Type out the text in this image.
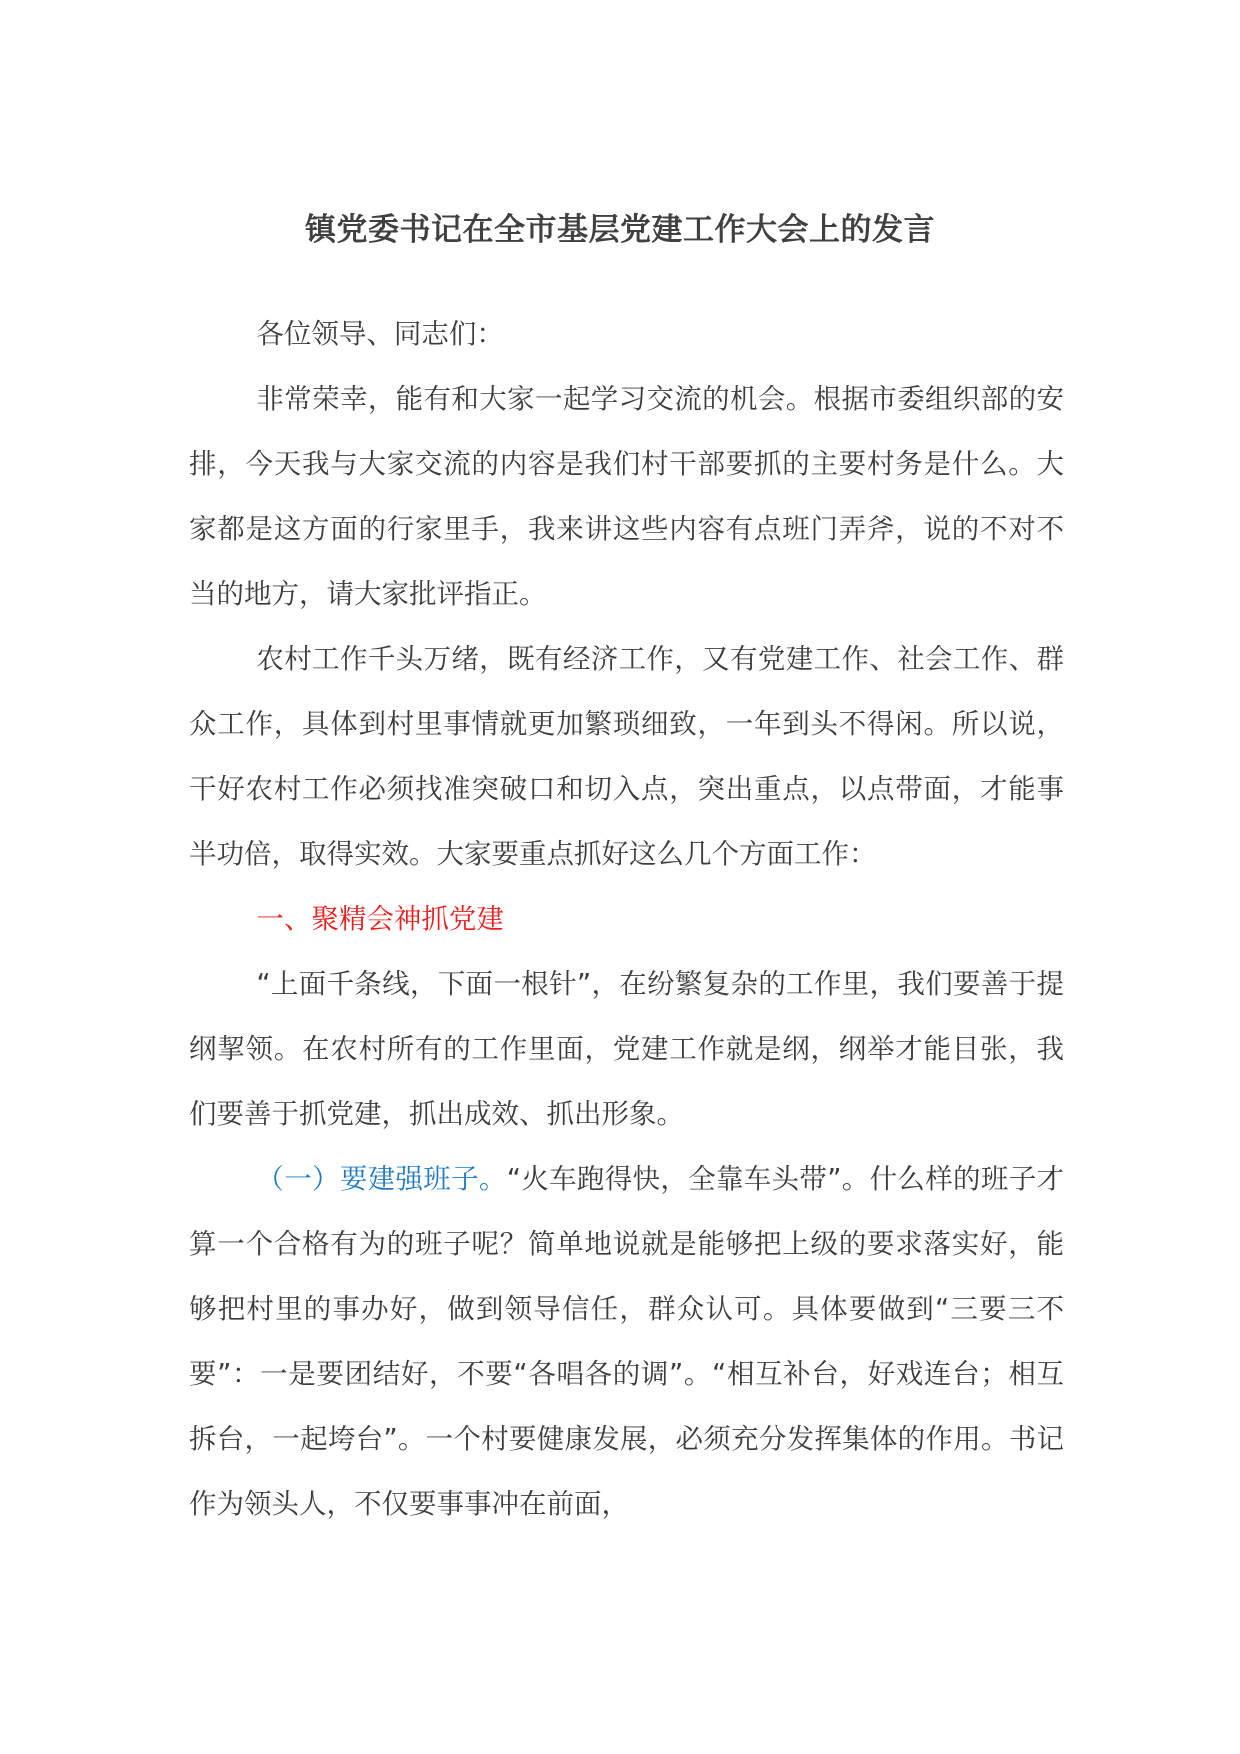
镇党委书记在全市基层党建工作大会上的发言

各位领导、同志们：

非常荣幸，能有和大家一起学习交流的机会。根据市委组织部的安排，今天我与大家交流的内容是我们村干部要抓的主要村务是什么。大家都是这方面的行家里手，我来讲这些内容有点班门弄斧，说的不对不当的地方，请大家批评指正。

农村工作千头万绪，既有经济工作，又有党建工作、社会工作、群众工作，具体到村里事情就更加繁琐细致，一年到头不得闲。所以说，干好农村工作必须找准突破口和切入点，突出重点，以点带面，才能事半功倍，取得实效。大家要重点抓好这么几个方面工作：

一、聚精会神抓党建

“上面千条线，下面一根针”，在纷繁复杂的工作里，我们要善于提纲挈领。在农村所有的工作里面，党建工作就是纲，纲举才能目张，我们要善于抓党建，抓出成效、抓出形象。

（一）要建强班子。“火车跑得快，全靠车头带”。什么样的班子才算一个合格有为的班子呢？简单地说就是能够把上级的要求落实好，能够把村里的事办好，做到领导信任，群众认可。具体要做到“三要三不要”：一是要团结好，不要“各唱各的调”。“相互补台，好戏连台；相互拆台，一起垮台”。一个村要健康发展，必须充分发挥集体的作用。书记作为领头人，不仅要事事冲在前面，
